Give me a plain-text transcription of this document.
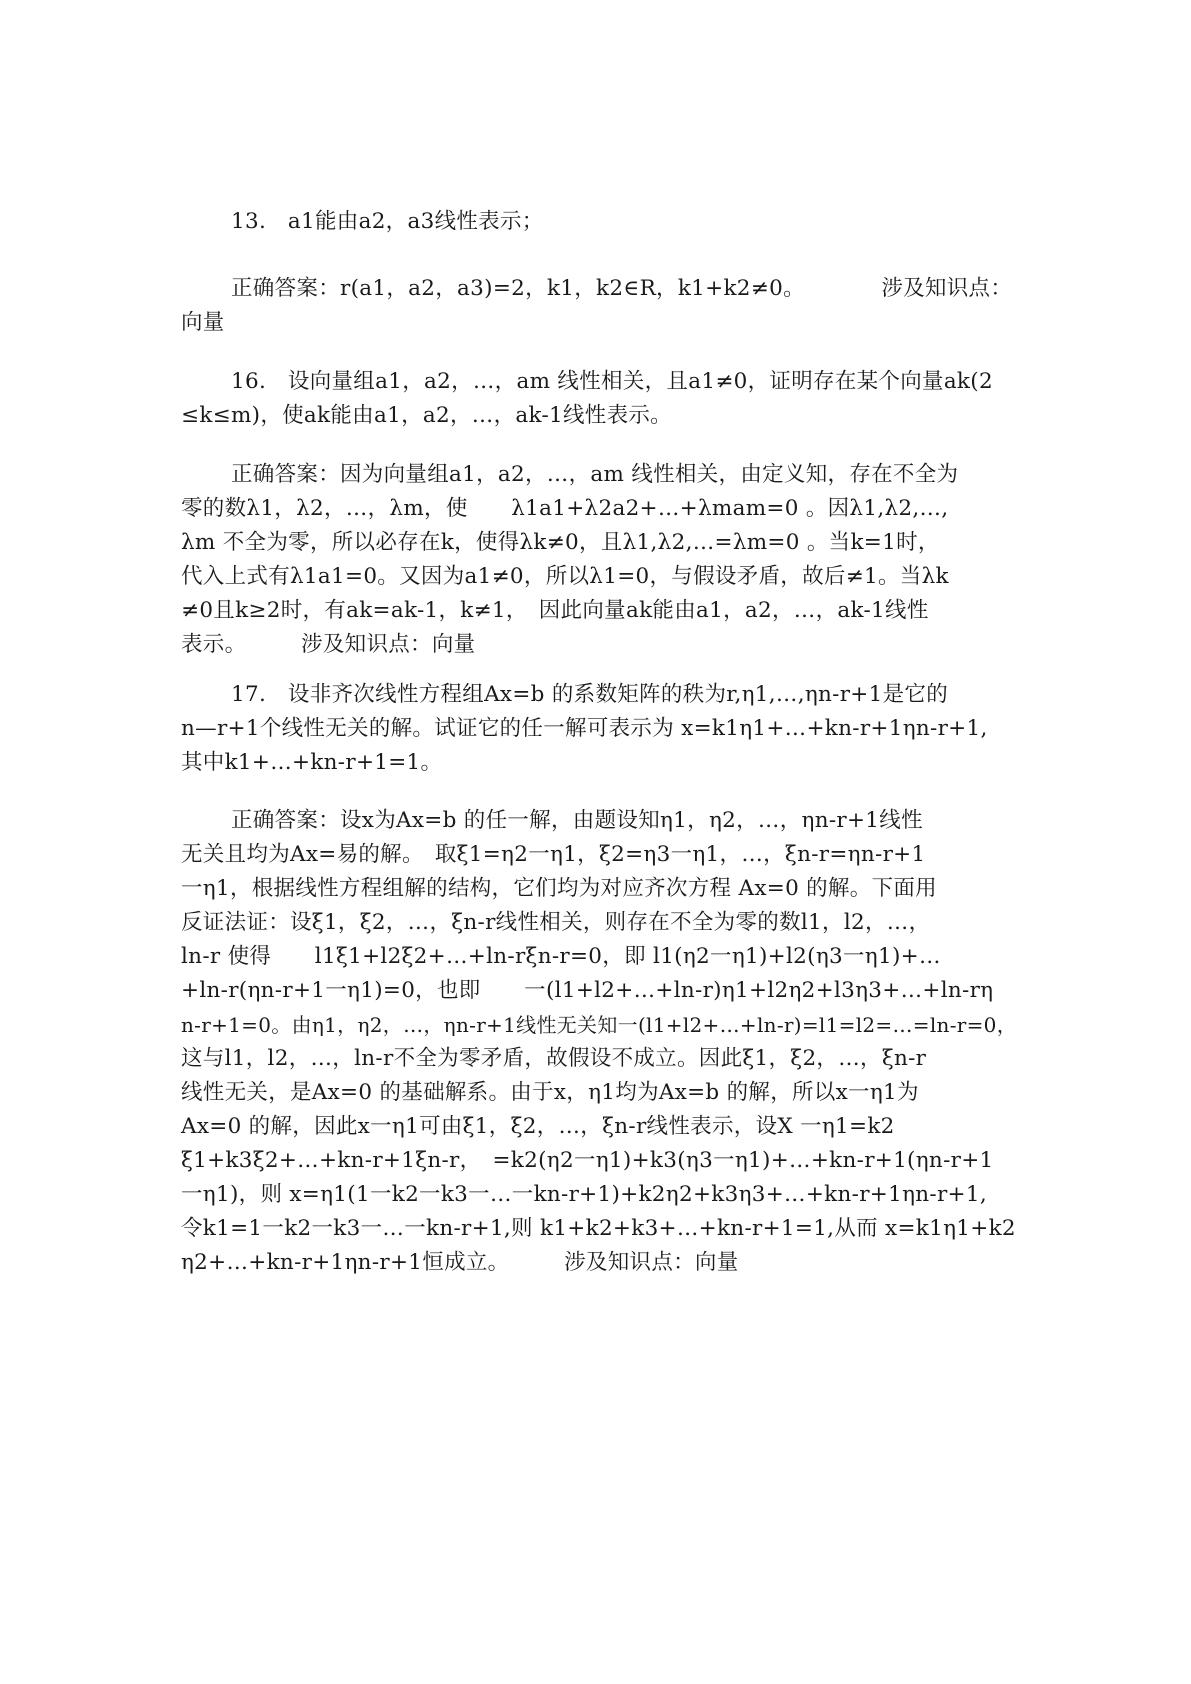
13.　a1能由a2，a3线性表示；

正确答案：r(a1，a2，a3)=2，k1，k2∈R，k1+k2≠0。　　　　涉及知识点：
向量

16.　设向量组a1，a2，…，am 线性相关，且a1≠0，证明存在某个向量ak(2
≤k≤m)，使ak能由a1，a2，…，ak-1线性表示。

正确答案：因为向量组a1，a2，…，am 线性相关，由定义知，存在不全为
零的数λ1，λ2，…，λm，使　　λ1a1+λ2a2+…+λmam=0 。因λ1,λ2,…,
λm 不全为零，所以必存在k，使得λk≠0，且λ1,λ2,…=λm=0 。当k=1时，
代入上式有λ1a1=0。又因为a1≠0，所以λ1=0，与假设矛盾，故后≠1。当λk
≠0且k≥2时，有ak=ak-1，k≠1，　因此向量ak能由a1，a2，…，ak-1线性
表示。　　　涉及知识点：向量

17.　设非齐次线性方程组Ax=b 的系数矩阵的秩为r,η1,…,ηn-r+1是它的
n—r+1个线性无关的解。试证它的任一解可表示为 x=k1η1+…+kn-r+1ηn-r+1,
其中k1+…+kn-r+1=1。

正确答案：设x为Ax=b 的任一解，由题设知η1，η2，…，ηn-r+1线性
无关且均为Ax=易的解。　取ξ1=η2一η1，ξ2=η3一η1，…，ξn-r=ηn-r+1
一η1，根据线性方程组解的结构，它们均为对应齐次方程 Ax=0 的解。下面用
反证法证：设ξ1，ξ2，…，ξn-r线性相关，则存在不全为零的数l1，l2，…，
ln-r 使得　　l1ξ1+l2ξ2+…+ln-rξn-r=0，即 l1(η2一η1)+l2(η3一η1)+…
+ln-r(ηn-r+1一η1)=0，也即　　一(l1+l2+…+ln-r)η1+l2η2+l3η3+…+ln-rη
n-r+1=0。由η1，η2，…，ηn-r+1线性无关知一(l1+l2+…+ln-r)=l1=l2=…=ln-r=0，
这与l1，l2，…，ln-r不全为零矛盾，故假设不成立。因此ξ1，ξ2，…，ξn-r
线性无关，是Ax=0 的基础解系。由于x，η1均为Ax=b 的解，所以x一η1为
Ax=0 的解，因此x一η1可由ξ1，ξ2，…，ξn-r线性表示，设X 一η1=k2
ξ1+k3ξ2+…+kn-r+1ξn-r，　=k2(η2一η1)+k3(η3一η1)+…+kn-r+1(ηn-r+1
一η1)，则 x=η1(1一k2一k3一…一kn-r+1)+k2η2+k3η3+…+kn-r+1ηn-r+1,
令k1=1一k2一k3一…一kn-r+1,则 k1+k2+k3+…+kn-r+1=1,从而 x=k1η1+k2
η2+…+kn-r+1ηn-r+1恒成立。　　　涉及知识点：向量
